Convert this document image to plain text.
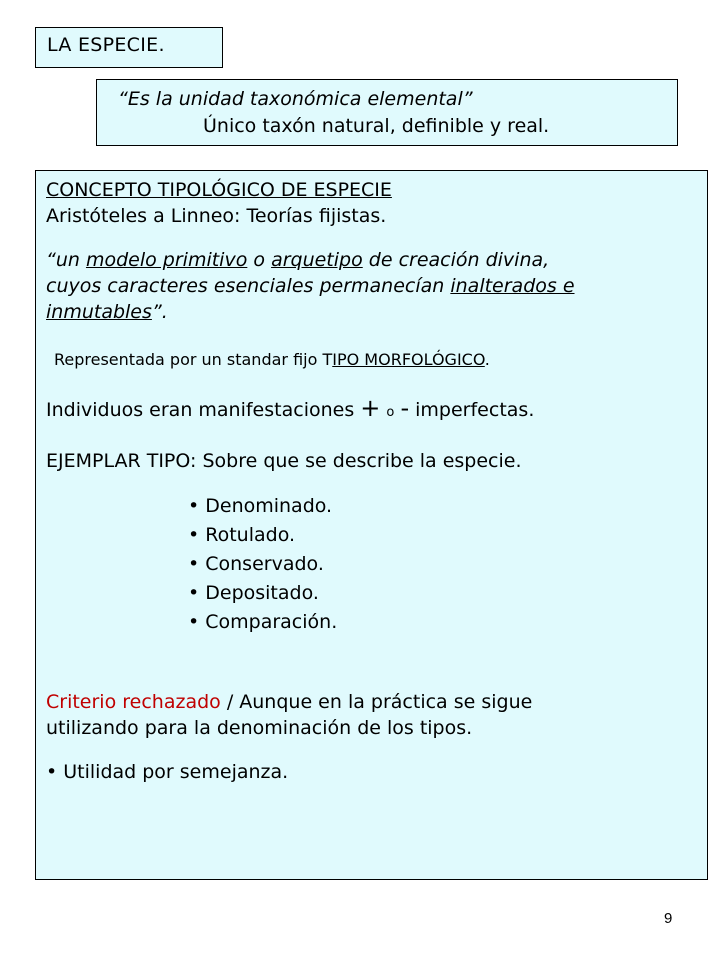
LA ESPECIE.
“Es la unidad taxonómica elemental”
Único taxón natural, definible y real.
CONCEPTO TIPOLÓGICO DE ESPECIE
Aristóteles a Linneo: Teorías fijistas.
“un modelo primitivo o arquetipo de creación divina,
cuyos caracteres esenciales permanecían inalterados e
inmutables”.
Representada por un standar fijo TIPO MORFOLÓGICO.
Individuos eran manifestaciones + o - imperfectas.
EJEMPLAR TIPO: Sobre que se describe la especie.
• Denominado.
• Rotulado.
• Conservado.
• Depositado.
• Comparación.
Criterio rechazado / Aunque en la práctica se sigue
utilizando para la denominación de los tipos.
• Utilidad por semejanza.
9
